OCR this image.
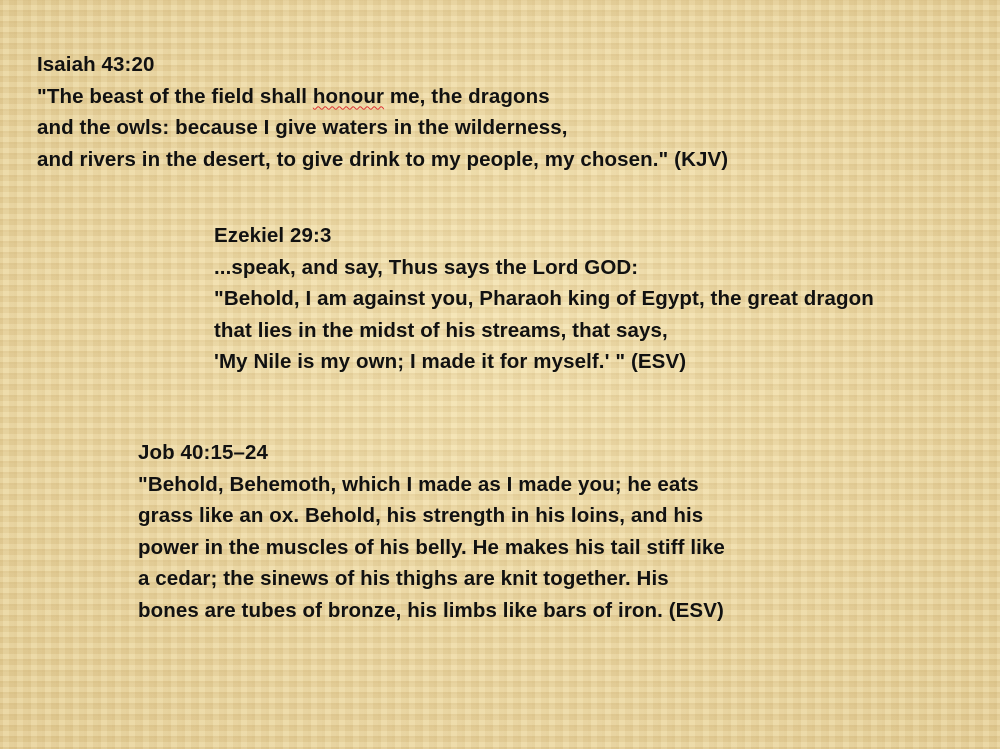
Isaiah 43:20
"The beast of the field shall honour me, the dragons
and the owls: because I give waters in the wilderness,
and rivers in the desert, to give drink to my people, my chosen." (KJV)
Ezekiel 29:3
...speak, and say, Thus says the Lord GOD:
"Behold, I am against you, Pharaoh king of Egypt, the great dragon
that lies in the midst of his streams, that says,
'My Nile is my own; I made it for myself.' " (ESV)
Job 40:15–24
"Behold, Behemoth, which I made as I made you; he eats
grass like an ox. Behold, his strength in his loins, and his
power in the muscles of his belly. He makes his tail stiff like
a cedar; the sinews of his thighs are knit together. His
bones are tubes of bronze, his limbs like bars of iron. (ESV)
